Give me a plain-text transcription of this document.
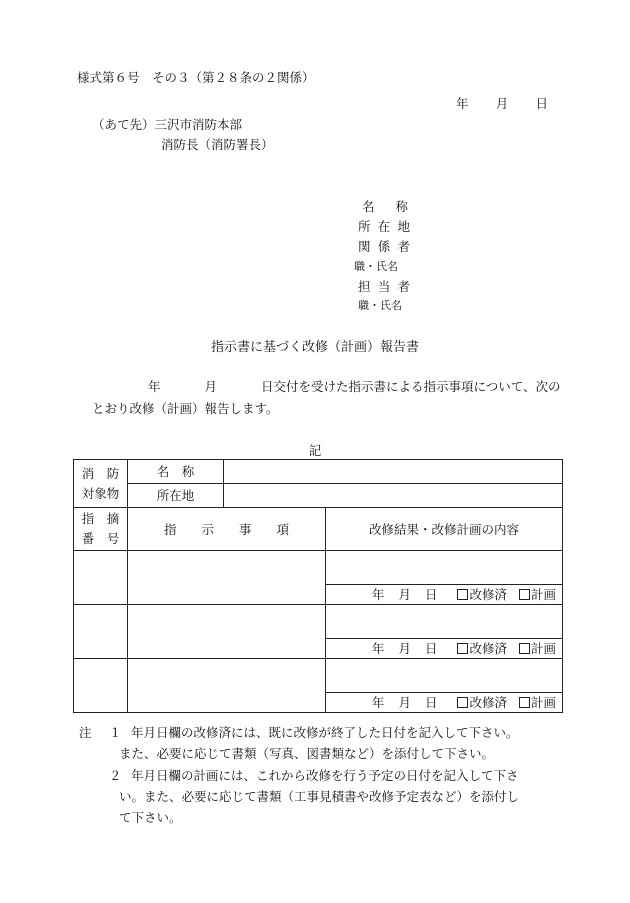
様式第６号　その３（第２８条の２関係）
年 月 日
（あて先）三沢市消防本部
消防長（消防署長）
名 称
所 在 地
関 係 者
職・氏名
担 当 者
職・氏名
指示書に基づく改修（計画）報告書
年	月	日交付を受けた指示書による指示事項について、次の
とおり改修（計画）報告します。
記
消　防
対象物	名　称		
	所在地		

指　摘
番　号	指　　示　　事　　項		改修結果・改修計画の内容

			年 月 日 改修済 計画

			年 月 日 改修済 計画

			年 月 日 改修済 計画
注 １ 年月日欄の改修済には、既に改修が終了した日付を記入して下さい。
また、必要に応じて書類（写真、図書類など）を添付して下さい。
２ 年月日欄の計画には、これから改修を行う予定の日付を記入して下さ
い。また、必要に応じて書類（工事見積書や改修予定表など）を添付し
て下さい。
